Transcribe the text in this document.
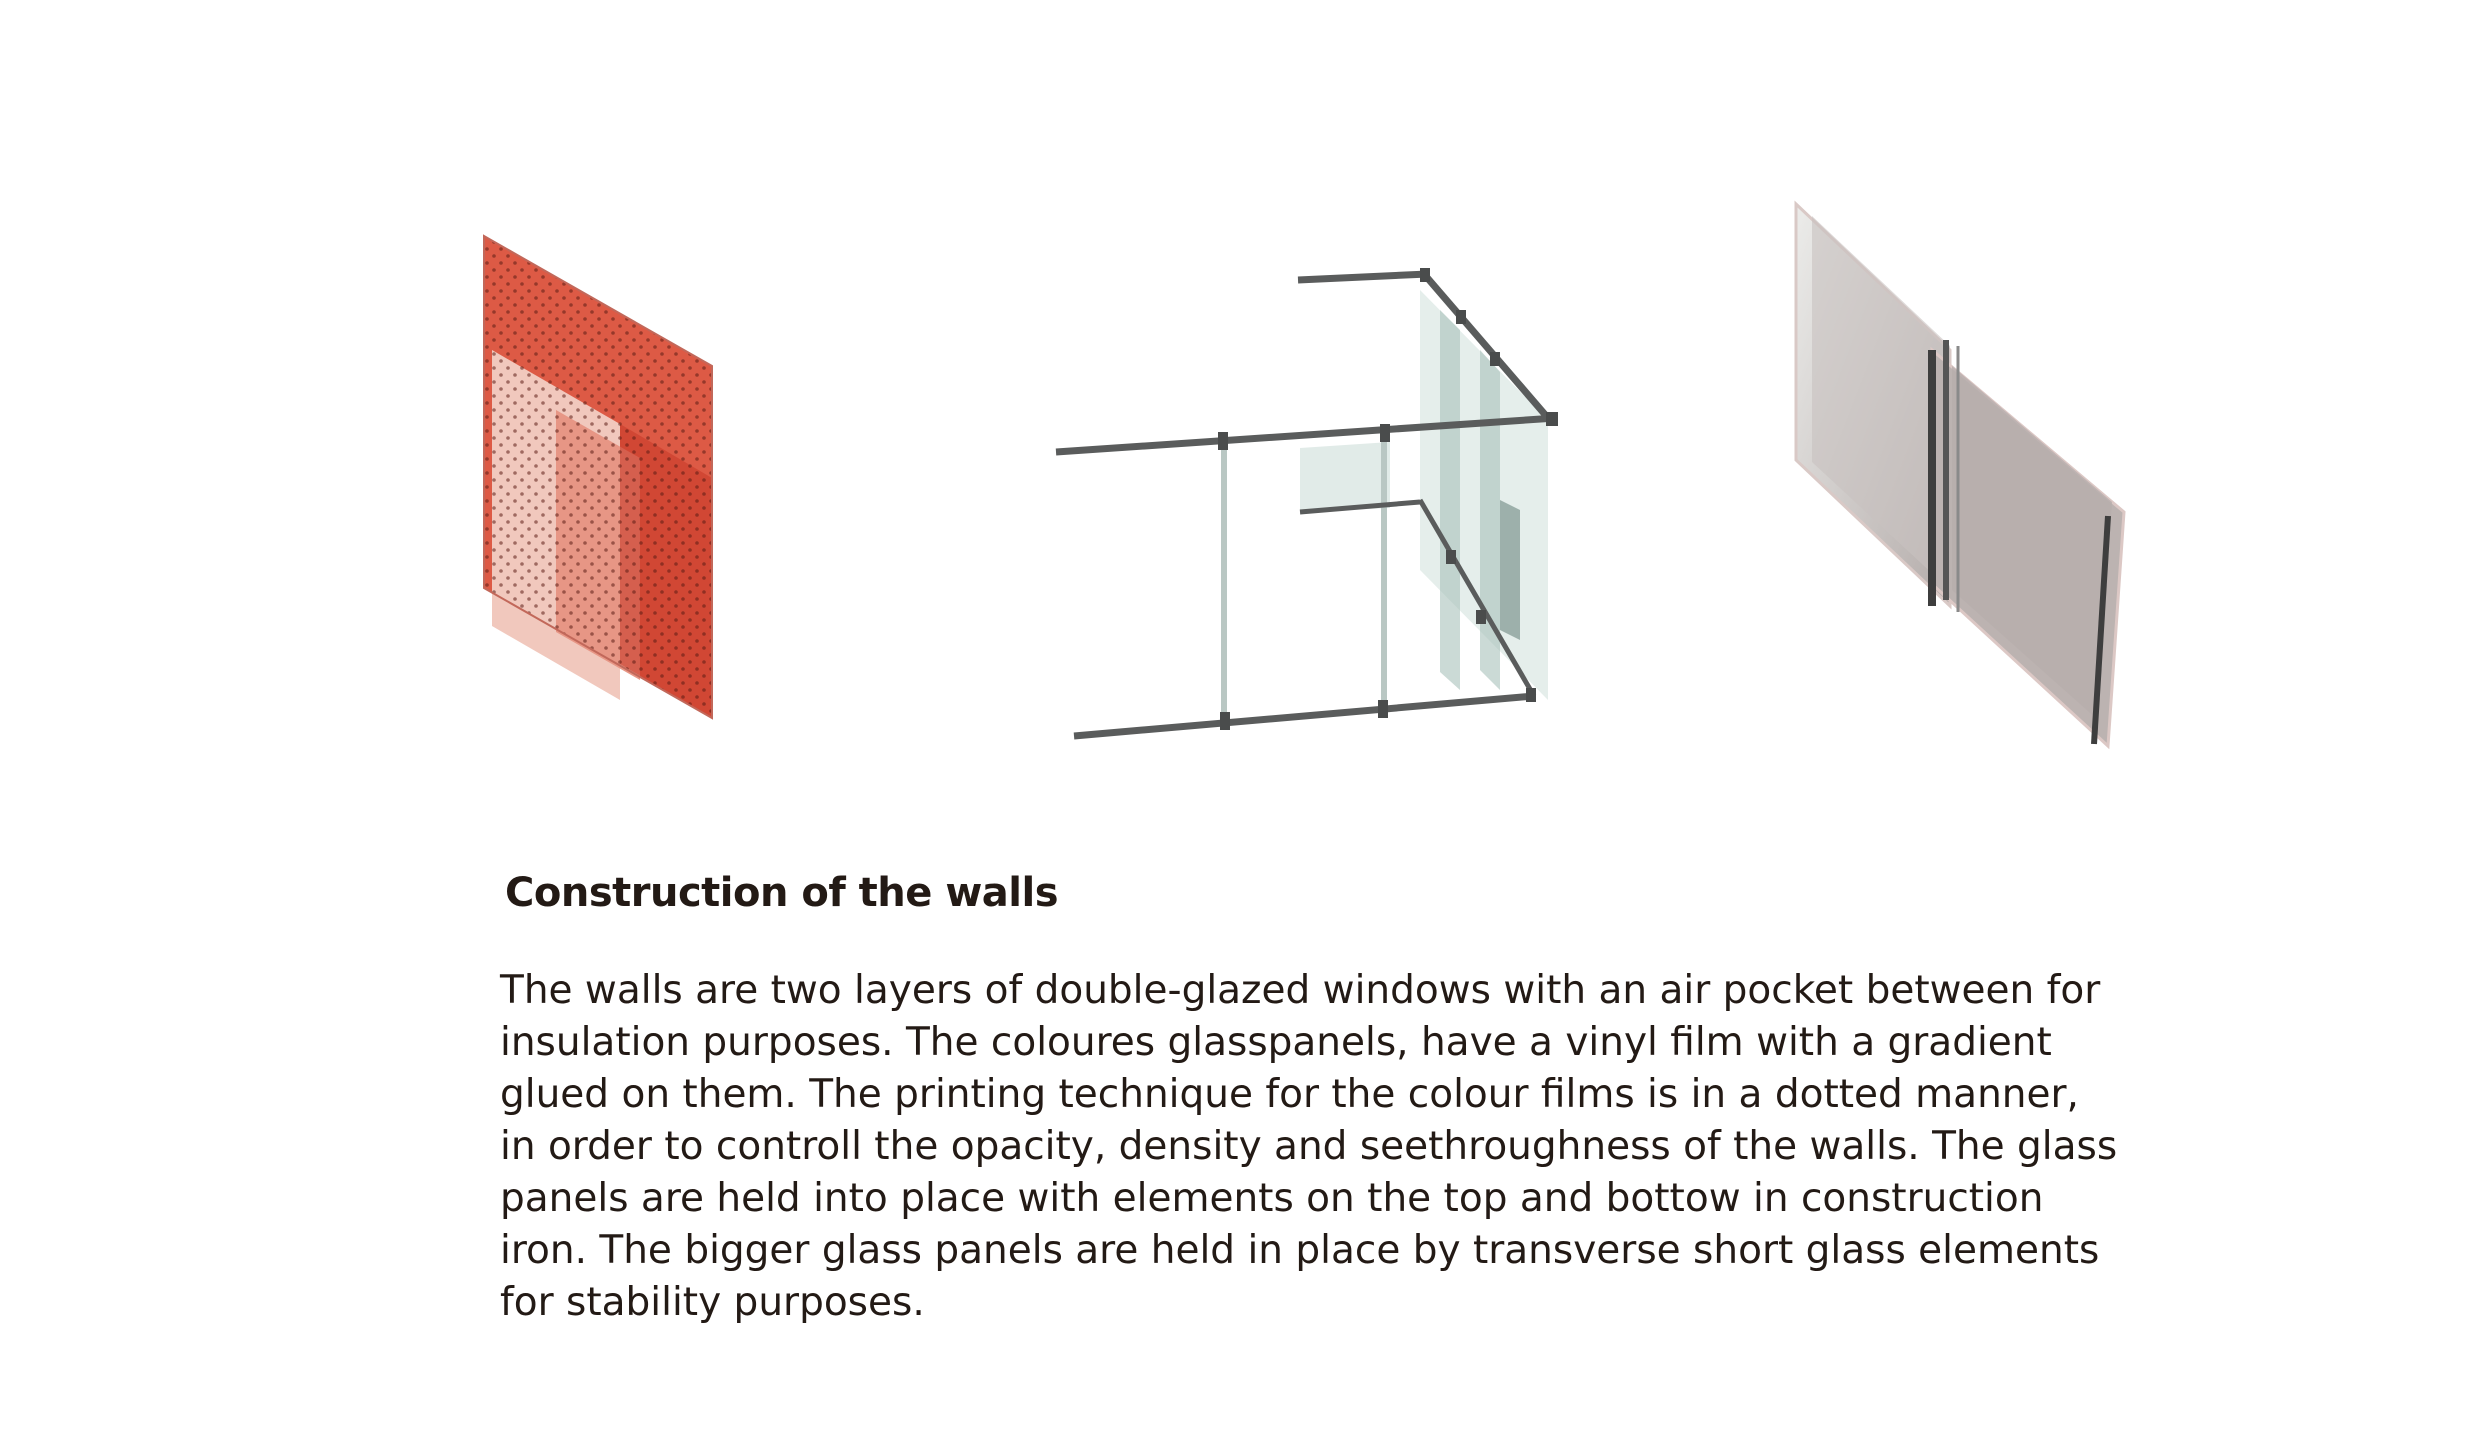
Construction of the walls

The walls are two layers of double-glazed windows with an air pocket between for insulation purposes. The coloures glasspanels, have a vinyl film with a gradient glued on them. The printing technique for the colour films is in a dotted manner, in order to controll the opacity, density and seethroughness of the walls. The glass panels are held into place with elements on the top and bottow in construction iron. The bigger glass panels are held in place by transverse short glass elements for stability purposes.
